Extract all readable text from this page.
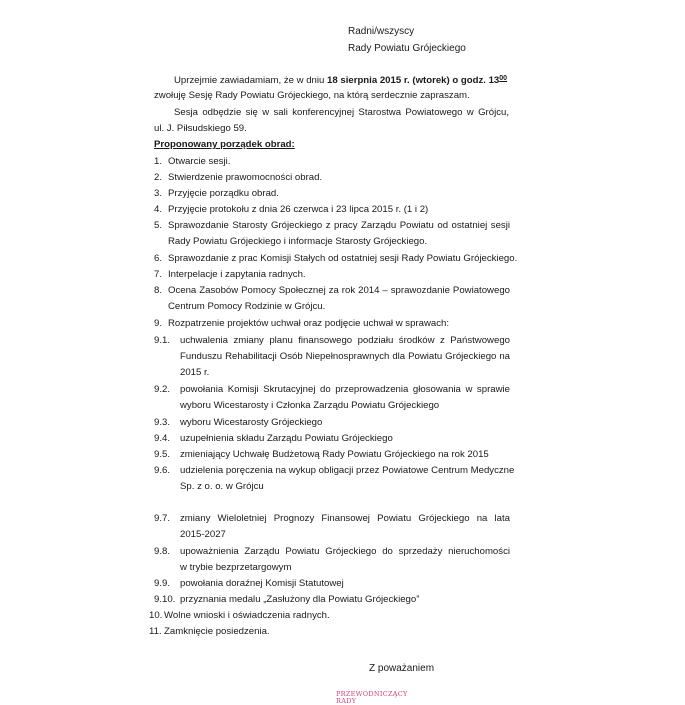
Radni/wszyscy
Rady Powiatu Grójeckiego
Uprzejmie zawiadamiam, że w dniu 18 sierpnia 2015 r. (wtorek) o godz. $13^{00}$
zwołuję Sesję Rady Powiatu Grójeckiego, na którą serdecznie zapraszam.
Sesja odbędzie się w sali konferencyjnej Starostwa Powiatowego w Grójcu,
ul. J. Piłsudskiego 59.
Proponowany porządek obrad:
1. Otwarcie sesji.
2. Stwierdzenie prawomocności obrad.
3. Przyjęcie porządku obrad.
4. Przyjęcie protokołu z dnia 26 czerwca i 23 lipca 2015 r. (1 i 2)
5. Sprawozdanie Starosty Grójeckiego z pracy Zarządu Powiatu od ostatniej sesji
Rady Powiatu Grójeckiego i informacje Starosty Grójeckiego.
6. Sprawozdanie z prac Komisji Stałych od ostatniej sesji Rady Powiatu Grójeckiego.
7. Interpelacje i zapytania radnych.
8. Ocena Zasobów Pomocy Społecznej za rok 2014 – sprawozdanie Powiatowego
Centrum Pomocy Rodzinie w Grójcu.
9. Rozpatrzenie projektów uchwał oraz podjęcie uchwał w sprawach:
9.1. uchwalenia zmiany planu finansowego podziału środków z Państwowego
Funduszu Rehabilitacji Osób Niepełnosprawnych dla Powiatu Grójeckiego na
2015 r.
9.2. powołania Komisji Skrutacyjnej do przeprowadzenia głosowania w sprawie
wyboru Wicestarosty i Członka Zarządu Powiatu Grójeckiego
9.3. wyboru Wicestarosty Grójeckiego
9.4. uzupełnienia składu Zarządu Powiatu Grójeckiego
9.5. zmieniający Uchwałę Budżetową Rady Powiatu Grójeckiego na rok 2015
9.6. udzielenia poręczenia na wykup obligacji przez Powiatowe Centrum Medyczne
Sp. z o. o. w Grójcu
9.7. zmiany Wieloletniej Prognozy Finansowej Powiatu Grójeckiego na lata
2015-2027
9.8. upoważnienia Zarządu Powiatu Grójeckiego do sprzedaży nieruchomości
w trybie bezprzetargowym
9.9. powołania doraźnej Komisji Statutowej
9.10. przyznania medalu „Zasłużony dla Powiatu Grójeckiego”
10. Wolne wnioski i oświadczenia radnych.
11. Zamknięcie posiedzenia.
Z poważaniem
PRZEWODNICZĄCY RADY
